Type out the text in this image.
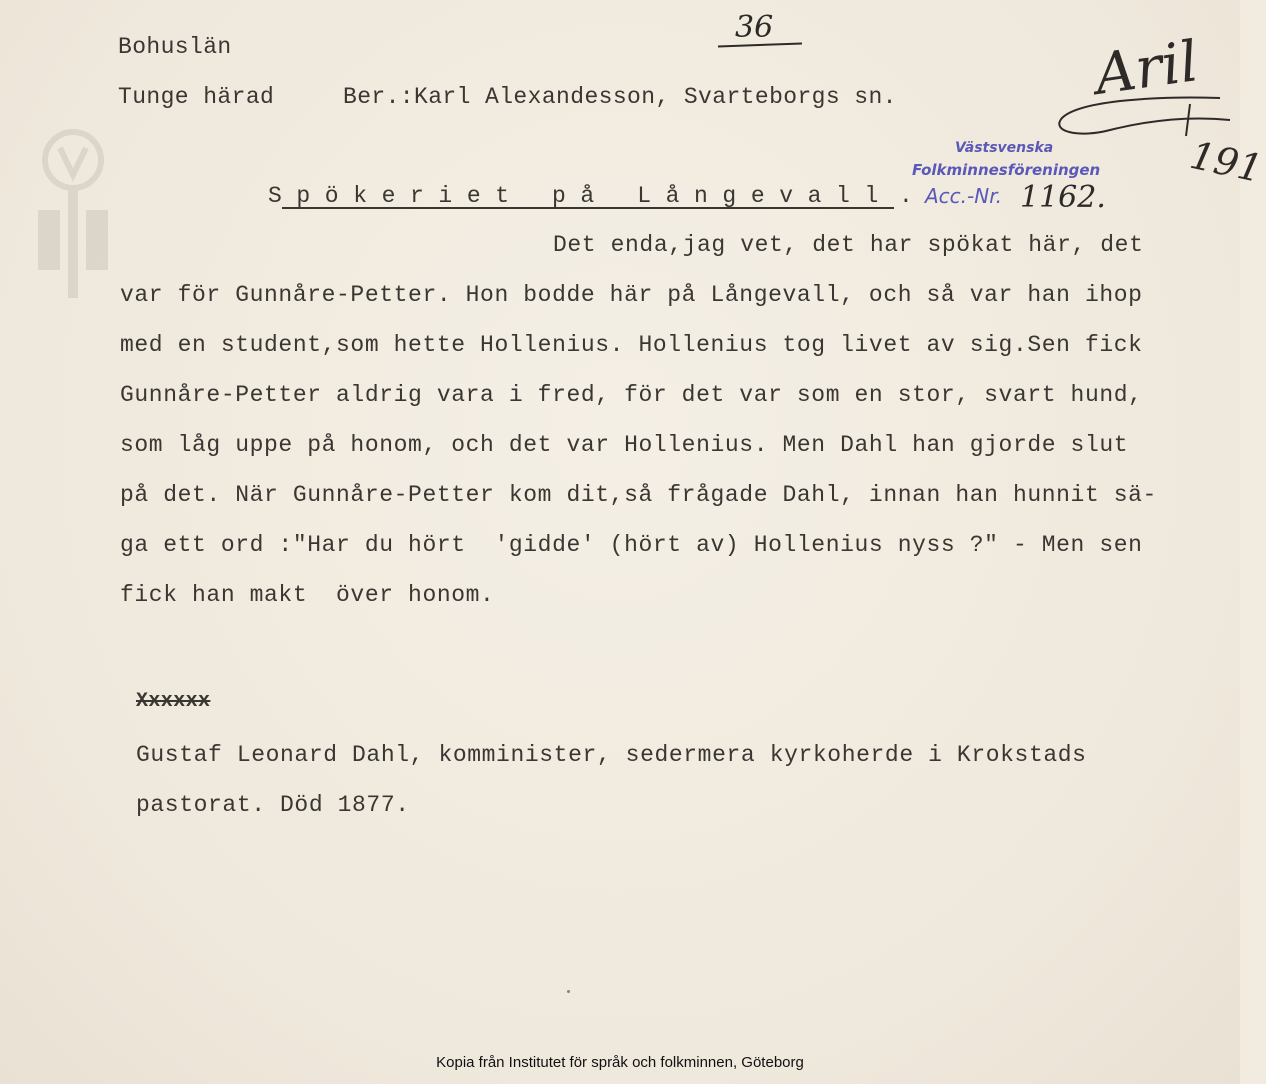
36
Bohuslän
Tunge härad	Ber.:Karl Alexandesson, Svarteborgs sn.	Aril
191
Västsvenska
Folkminnesföreningen
Acc.-Nr. 1162.
Spökeriet på Långevall .
Det enda,jag vet, det har spökat här, det
var för Gunnåre-Petter. Hon bodde här på Långevall, och så var han ihop
med en student,som hette Hollenius. Hollenius tog livet av sig.Sen fick
Gunnåre-Petter aldrig vara i fred, för det var som en stor, svart hund,
som låg uppe på honom, och det var Hollenius. Men Dahl han gjorde slut
på det. När Gunnåre-Petter kom dit,så frågade Dahl, innan han hunnit sä-
ga ett ord :"Har du hört  'gidde' (hört av) Hollenius nyss ?" - Men sen
fick han makt  över honom.
Xxxxxx
Gustaf Leonard Dahl, komminister, sedermera kyrkoherde i Krokstads
pastorat. Död 1877.
Kopia från Institutet för språk och folkminnen, Göteborg
